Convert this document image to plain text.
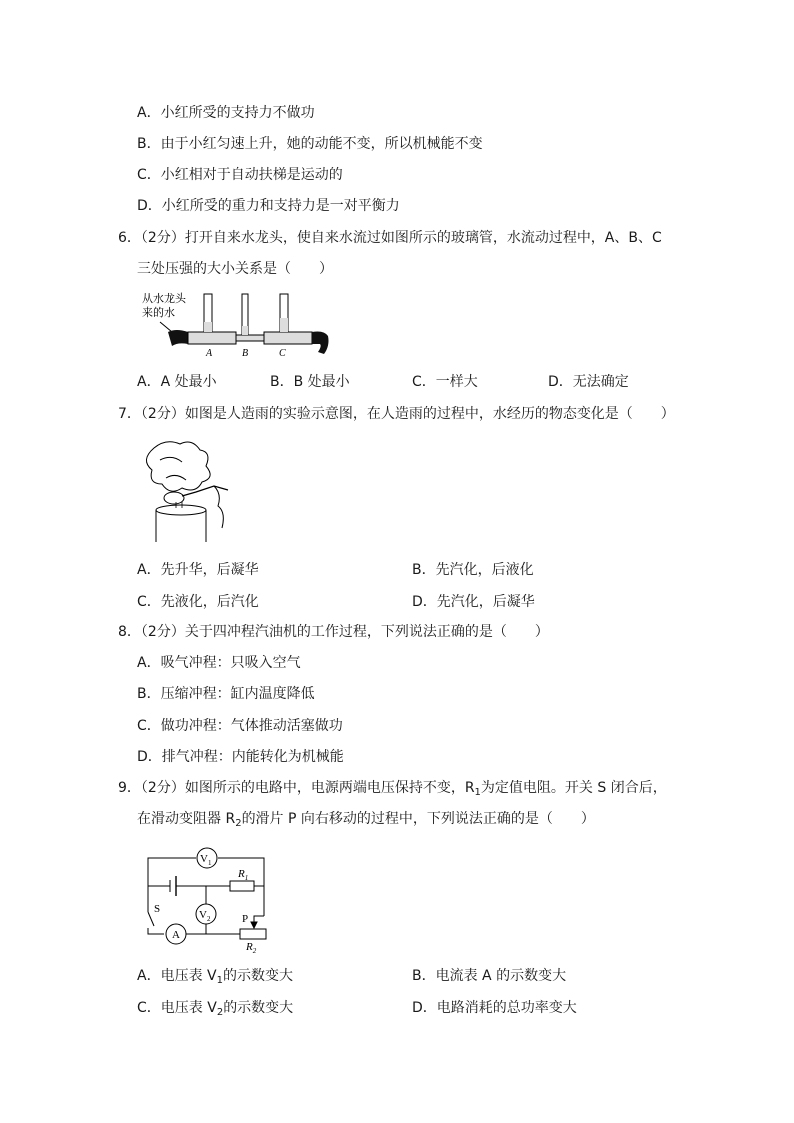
A．小红所受的支持力不做功
B．由于小红匀速上升，她的动能不变，所以机械能不变
C．小红相对于自动扶梯是运动的
D．小红所受的重力和支持力是一对平衡力
6．（2分）打开自来水龙头，使自来水流过如图所示的玻璃管，水流动过程中，A、B、C
三处压强的大小关系是（　　）
从水龙头
来的水
A	B	C
A．A 处最小	B．B 处最小	C．一样大	D．无法确定
7．（2分）如图是人造雨的实验示意图，在人造雨的过程中，水经历的物态变化是（　　）
A．先升华，后凝华	B．先汽化，后液化
C．先液化，后汽化	D．先汽化，后凝华
8．（2分）关于四冲程汽油机的工作过程，下列说法正确的是（　　）
A．吸气冲程：只吸入空气
B．压缩冲程：缸内温度降低
C．做功冲程：气体推动活塞做功
D．排气冲程：内能转化为机械能
9．（2分）如图所示的电路中，电源两端电压保持不变，$R_1$为定值电阻。开关 S 闭合后，
在滑动变阻器 $R_2$的滑片 P 向右移动的过程中，下列说法正确的是（　　）
$V_1$
$V_2$
$R_1$
$R_2$
A
S
P
A．电压表 $V_1$的示数变大	B．电流表 A 的示数变大
C．电压表 $V_2$的示数变大	D．电路消耗的总功率变大
